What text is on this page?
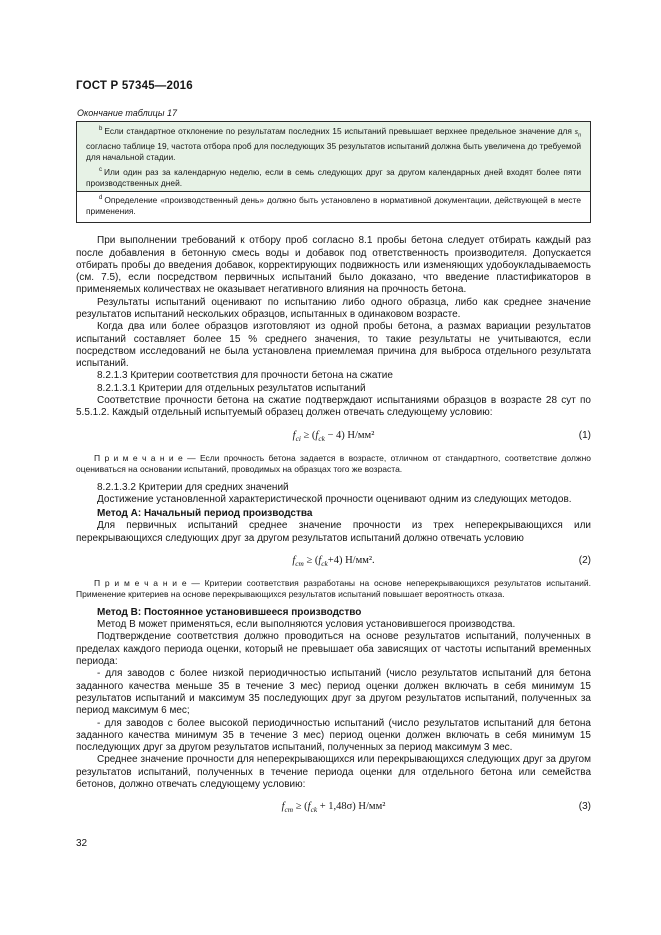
ГОСТ Р 57345—2016
Окончание таблицы 17

$^b$ Если стандартное отклонение по результатам последних 15 испытаний превышает верхнее предельное значение для $s_n$ согласно таблице 19, частота отбора проб для последующих 35 результатов испытаний должна быть увеличена до требуемой для начальной стадии.

$^c$ Или один раз за календарную неделю, если в семь следующих друг за другом календарных дней входят более пяти производственных дней.

$^d$ Определение «производственный день» должно быть установлено в нормативной документации, действующей в месте применения.

При выполнении требований к отбору проб согласно 8.1 пробы бетона следует отбирать каждый раз после добавления в бетонную смесь воды и добавок под ответственность производителя. Допускается отбирать пробы до введения добавок, корректирующих подвижность или изменяющих удобоукладываемость (см. 7.5), если посредством первичных испытаний было доказано, что введение пластификаторов в применяемых количествах не оказывает негативного влияния на прочность бетона.

Результаты испытаний оценивают по испытанию либо одного образца, либо как среднее значение результатов испытаний нескольких образцов, испытанных в одинаковом возрасте.

Когда два или более образцов изготовляют из одной пробы бетона, а размах вариации результатов испытаний составляет более 15 % среднего значения, то такие результаты не учитываются, если посредством исследований не была установлена приемлемая причина для выброса отдельного результата испытаний.

8.2.1.3 Критерии соответствия для прочности бетона на сжатие

8.2.1.3.1 Критерии для отдельных результатов испытаний

Соответствие прочности бетона на сжатие подтверждают испытаниями образцов в возрасте 28 сут по 5.5.1.2. Каждый отдельный испытуемый образец должен отвечать следующему условию:

$f_{ci} \ge (f_{ck} - 4)$ Н/мм²	(1)

П р и м е ч а н и е — Если прочность бетона задается в возрасте, отличном от стандартного, соответствие должно оцениваться на основании испытаний, проводимых на образцах того же возраста.

8.2.1.3.2 Критерии для средних значений

Достижение установленной характеристической прочности оценивают одним из следующих методов.

Метод А: Начальный период производства

Для первичных испытаний среднее значение прочности из трех неперекрывающихся или перекрывающихся следующих друг за другом результатов испытаний должно отвечать условию

$f_{cm} \ge (f_{ck}+4)$ Н/мм².	(2)

П р и м е ч а н и е — Критерии соответствия разработаны на основе неперекрывающихся результатов испытаний. Применение критериев на основе перекрывающихся результатов испытаний повышает вероятность отказа.

Метод В: Постоянное установившееся производство

Метод В может применяться, если выполняются условия установившегося производства.

Подтверждение соответствия должно проводиться на основе результатов испытаний, полученных в пределах каждого периода оценки, который не превышает оба зависящих от частоты испытаний временных периода:

- для заводов с более низкой периодичностью испытаний (число результатов испытаний для бетона заданного качества меньше 35 в течение 3 мес) период оценки должен включать в себя минимум 15 результатов испытаний и максимум 35 последующих друг за другом результатов испытаний, полученных за период максимум 6 мес;

- для заводов с более высокой периодичностью испытаний (число результатов испытаний для бетона заданного качества минимум 35 в течение 3 мес) период оценки должен включать в себя минимум 15 последующих друг за другом результатов испытаний, полученных за период максимум 3 мес.

Среднее значение прочности для неперекрывающихся или перекрывающихся следующих друг за другом результатов испытаний, полученных в течение периода оценки для отдельного бетона или семейства бетонов, должно отвечать следующему условию:

$f_{cm} \ge (f_{ck} + 1,48\sigma)$ Н/мм²	(3)
32
